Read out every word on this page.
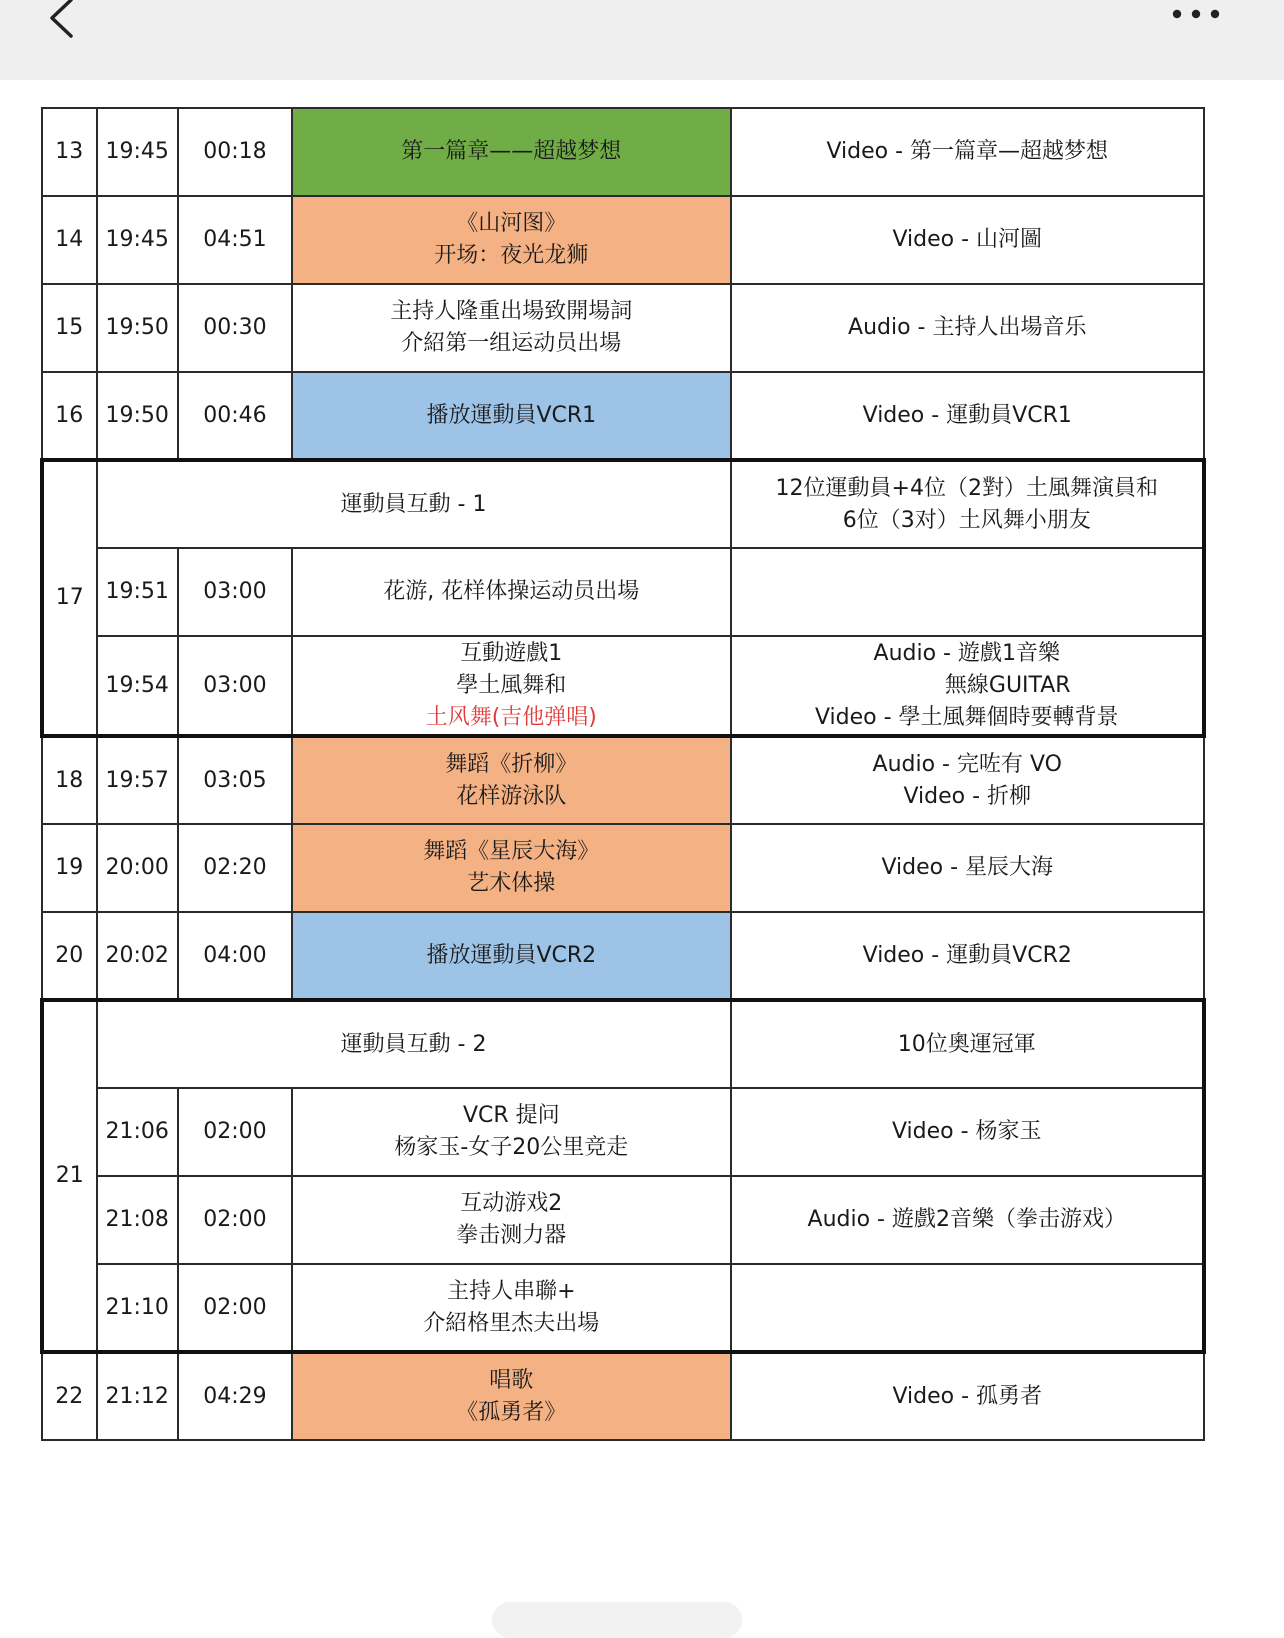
13	19:45	00:18	第一篇章——超越梦想	Video - 第一篇章—超越梦想

14	19:45	04:51	《山河图》
开场：夜光龙狮	Video - 山河圖

15	19:50	00:30	主持人隆重出場致開場詞
介紹第一组运动员出場	Audio - 主持人出場音乐

16	19:50	00:46	播放運動員VCR1	Video - 運動員VCR1

17	運動員互動 - 1			12位運動員+4位（2對）土風舞演員和
6位（3对）土风舞小朋友

	19:51	03:00	花游, 花样体操运动员出場	

	19:54	03:00	互動遊戲1
學土風舞和
土风舞(吉他弹唱)	Audio - 遊戲1音樂
無線GUITAR
Video - 學土風舞個時要轉背景

18	19:57	03:05	舞蹈《折柳》
花样游泳队	Audio - 完咗有 VO
Video - 折柳

19	20:00	02:20	舞蹈《星辰大海》
艺术体操	Video - 星辰大海

20	20:02	04:00	播放運動員VCR2	Video - 運動員VCR2

21	運動員互動 - 2			10位奧運冠軍

	21:06	02:00	VCR 提问
杨家玉-女子20公里竞走	Video - 杨家玉

	21:08	02:00	互动游戏2
拳击测力器	Audio - 遊戲2音樂（拳击游戏）

	21:10	02:00	主持人串聯+
介紹格里杰夫出場	

22	21:12	04:29	唱歌
《孤勇者》	Video - 孤勇者
